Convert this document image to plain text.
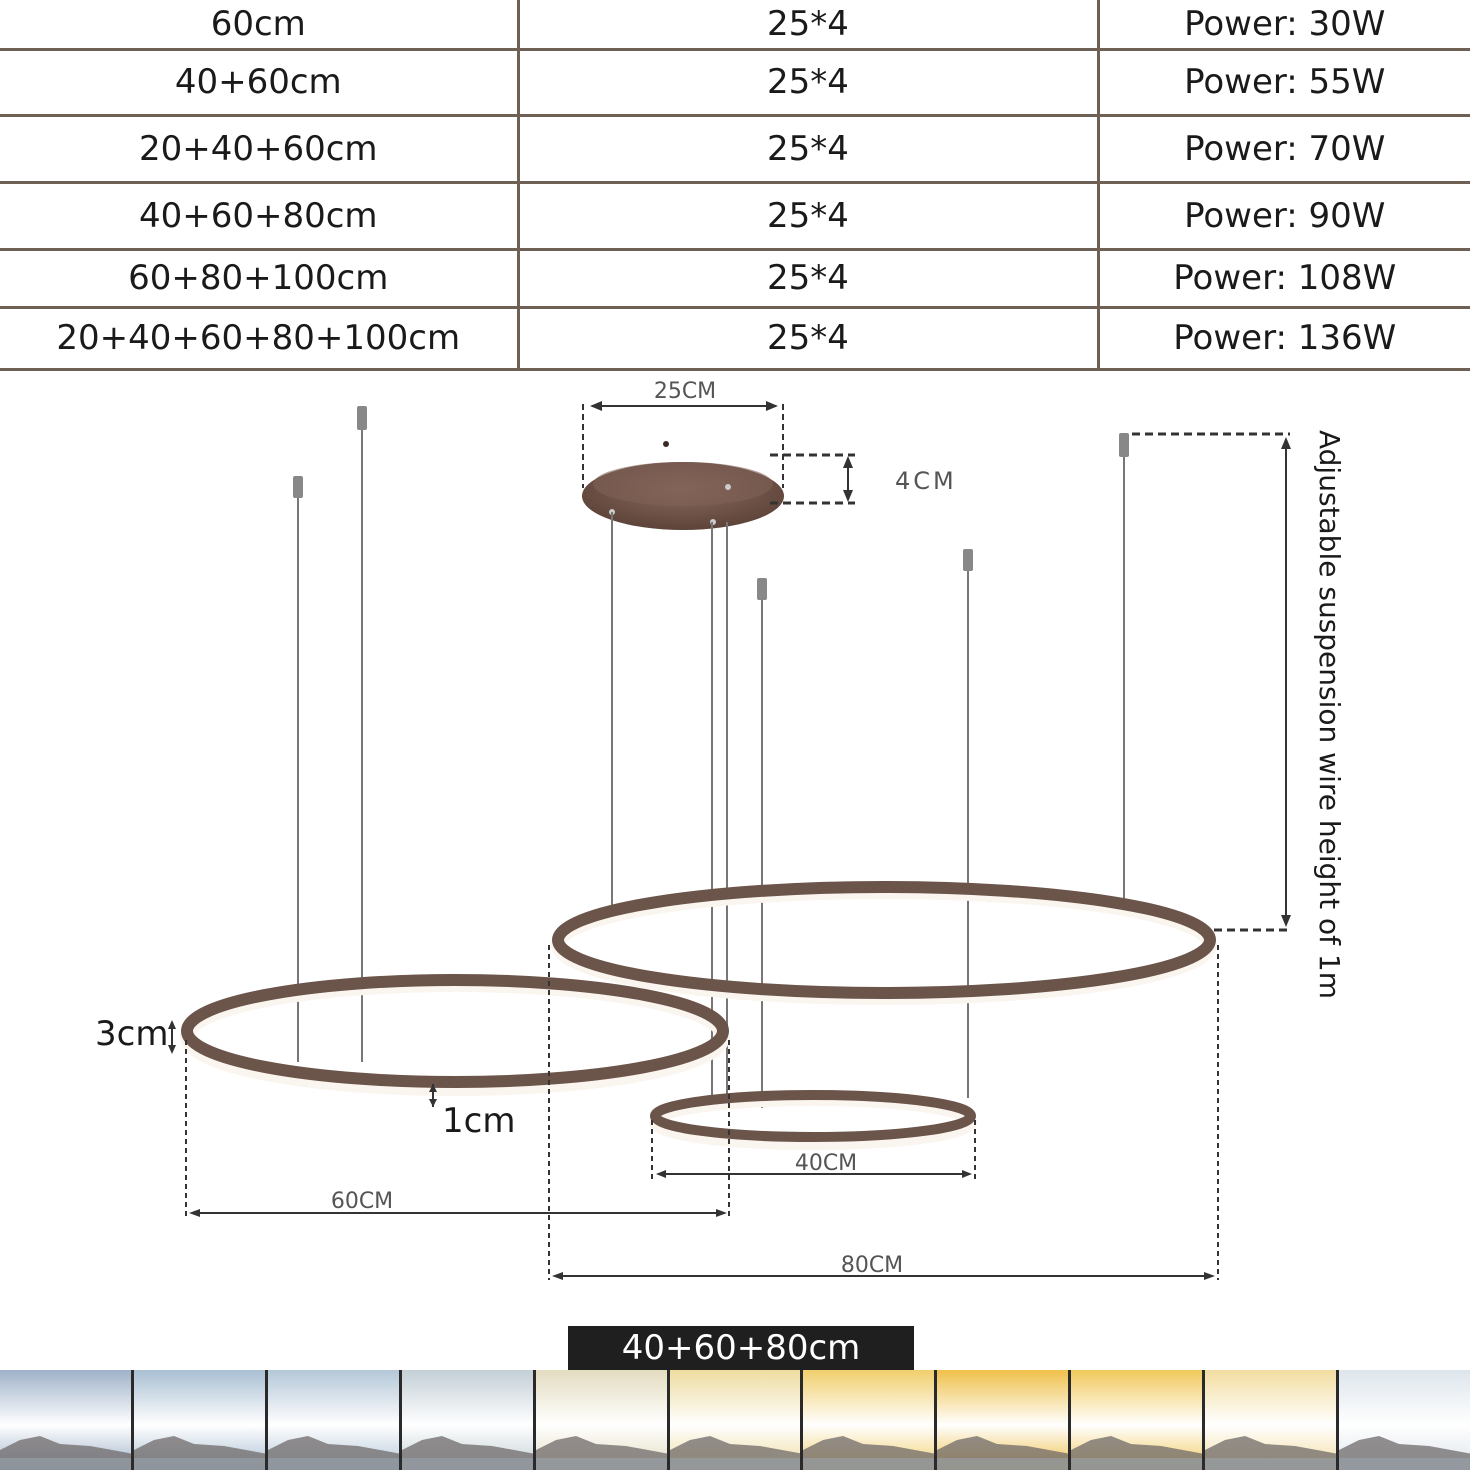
60cm	25*4	Power: 30W
40+60cm	25*4	Power: 55W
20+40+60cm	25*4	Power: 70W
40+60+80cm	25*4	Power: 90W
60+80+100cm	25*4	Power: 108W
20+40+60+80+100cm	25*4	Power: 136W
25CM
4CM
3cm
1cm
Adjustable suspension wire height of 1m
40CM
60CM
80CM
40+60+80cm
